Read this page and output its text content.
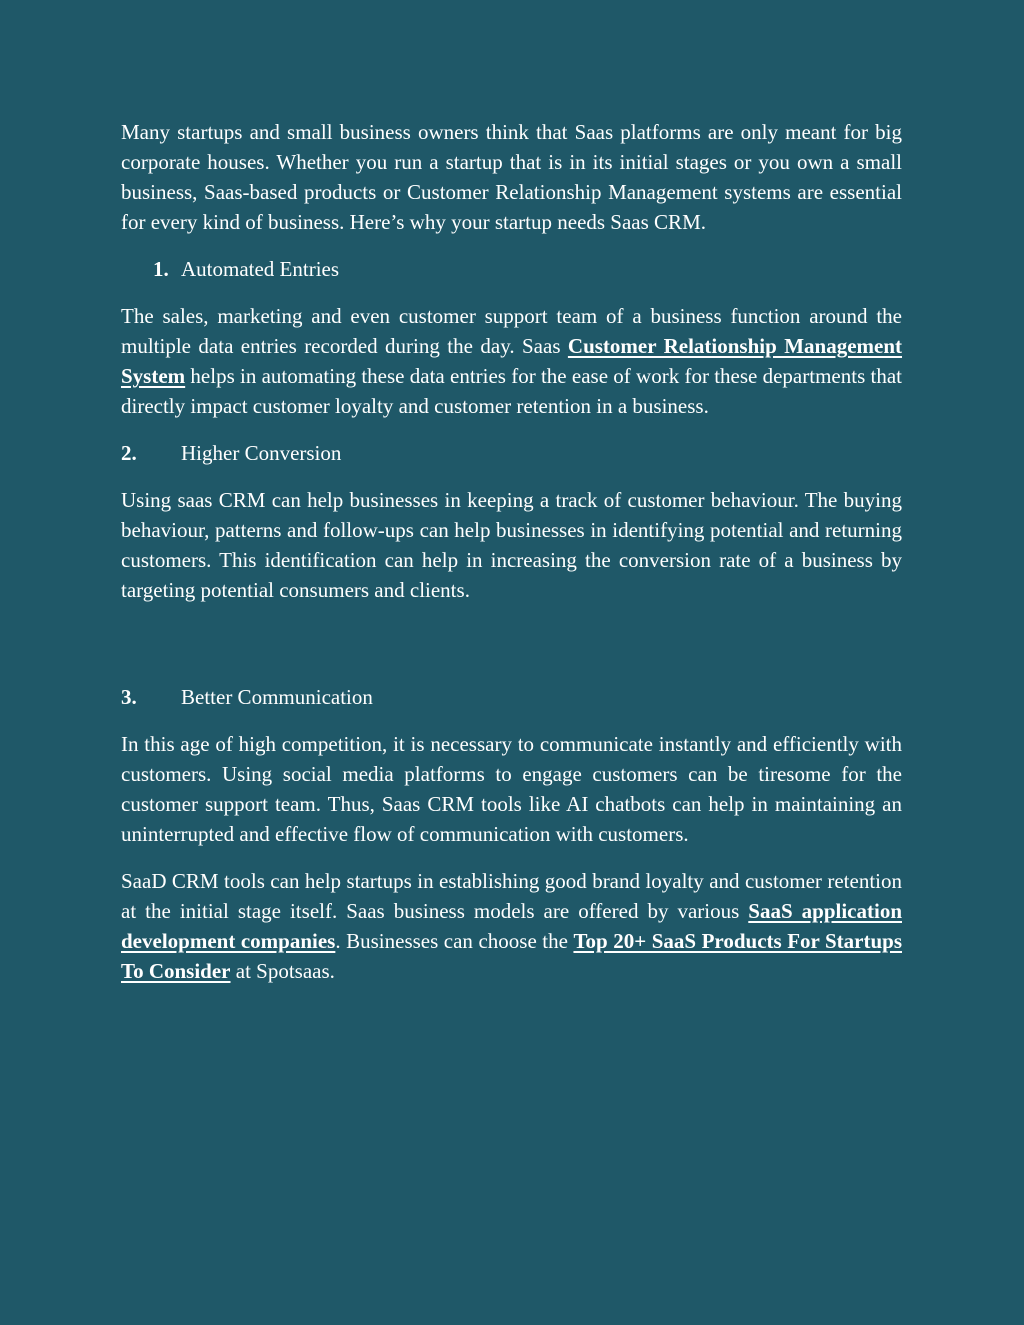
Many startups and small business owners think that Saas platforms are only meant for big corporate houses. Whether you run a startup that is in its initial stages or you own a small business, Saas-based products or Customer Relationship Management systems are essential for every kind of business. Here’s why your startup needs Saas CRM.

1. Automated Entries

The sales, marketing and even customer support team of a business function around the multiple data entries recorded during the day. Saas Customer Relationship Management System helps in automating these data entries for the ease of work for these departments that directly impact customer loyalty and customer retention in a business.

2.	Higher Conversion

Using saas CRM can help businesses in keeping a track of customer behaviour. The buying behaviour, patterns and follow-ups can help businesses in identifying potential and returning customers. This identification can help in increasing the conversion rate of a business by targeting potential consumers and clients.

3.	Better Communication

In this age of high competition, it is necessary to communicate instantly and efficiently with customers. Using social media platforms to engage customers can be tiresome for the customer support team. Thus, Saas CRM tools like AI chatbots can help in maintaining an uninterrupted and effective flow of communication with customers.

SaaD CRM tools can help startups in establishing good brand loyalty and customer retention at the initial stage itself. Saas business models are offered by various SaaS application development companies. Businesses can choose the Top 20+ SaaS Products For Startups To Consider at Spotsaas.
